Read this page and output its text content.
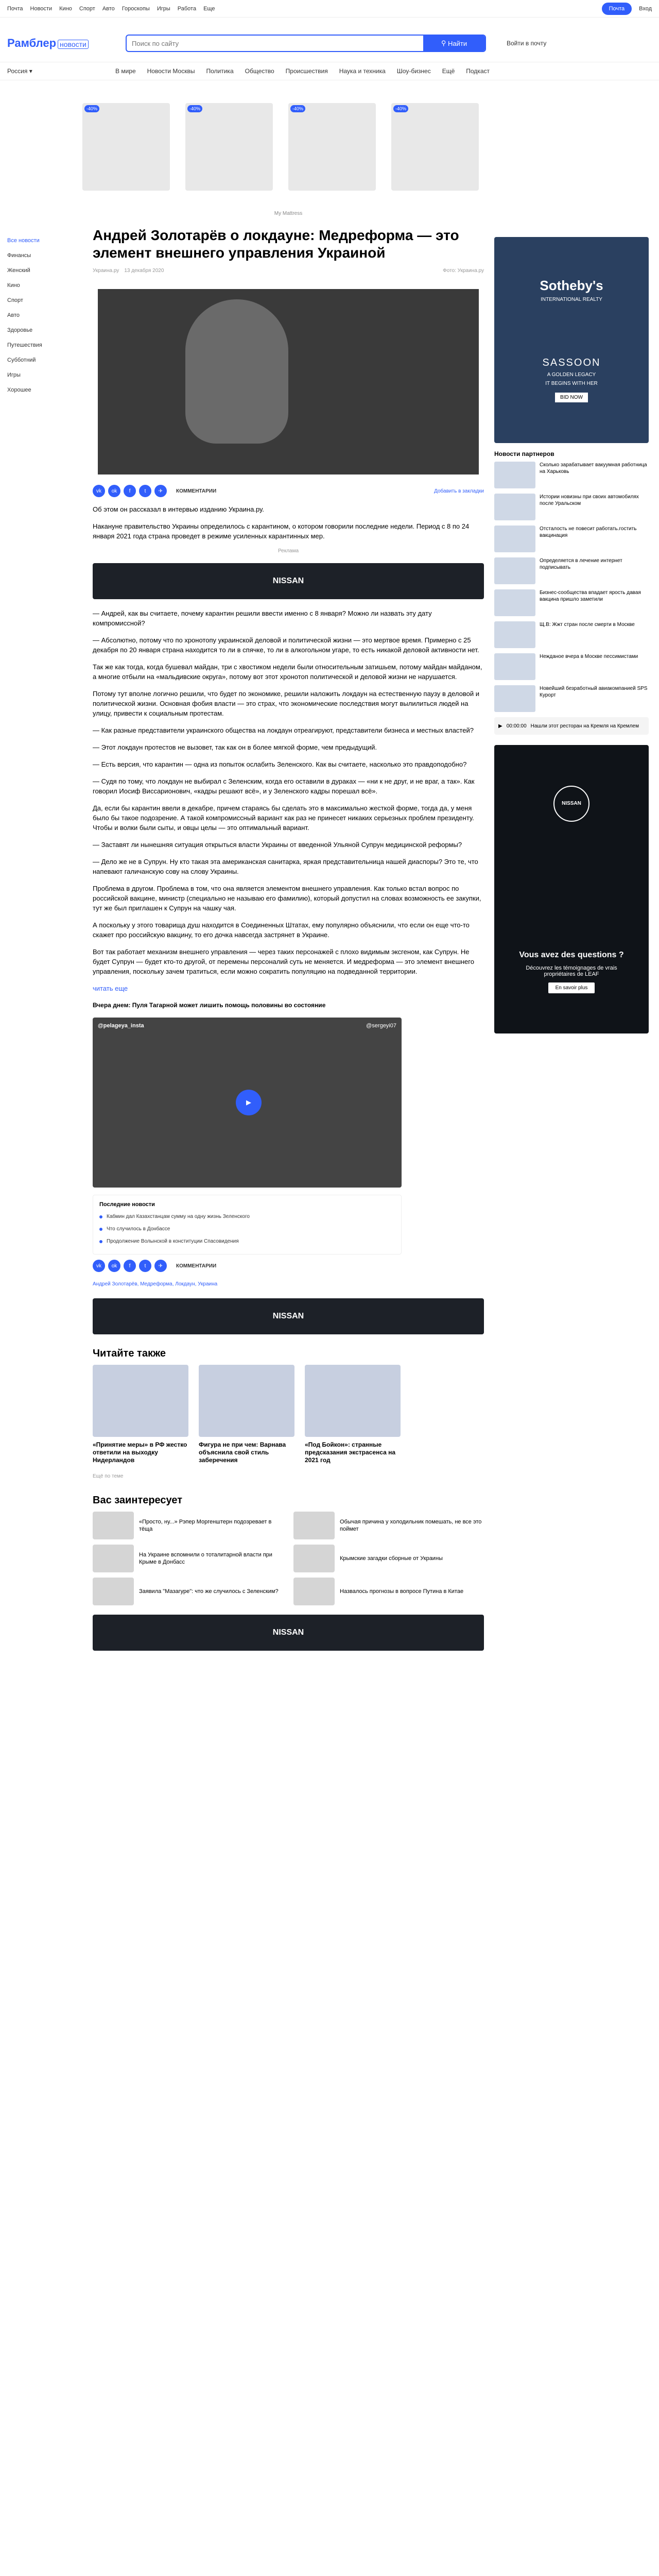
Почта Новости Кино Спорт Авто Гороскопы Игры Работа Еще	Почта	Вход
Рамблер новости
Поиск по сайту	⚲ Найти	Войти в почту
Россия ▾	В мире Новости Москвы Политика Общество Происшествия Наука и техника Шоу-бизнес Ещё Подкаст
-40%	-40%	-40%	-40%
My Mattress
Все новости
Финансы
Женский
Кино
Спорт
Авто
Здоровье
Путешествия
Субботний
Игры
Хорошее
Андрей Золотарёв о локдауне: Медреформа — это элемент внешнего управления Украиной
Украина.ру 13 декабря 2020	Фото: Украина.ру
vk	ok	f	t	✈	КОММЕНТАРИИ	Добавить в закладки

Об этом он рассказал в интервью изданию Украина.ру.

Накануне правительство Украины определилось с карантином, о котором говорили последние недели. Период с 8 по 24 января 2021 года страна проведет в режиме усиленных карантинных мер.

Реклама
NISSAN

— Андрей, как вы считаете, почему карантин решили ввести именно с 8 января? Можно ли назвать эту дату компромиссной?

— Абсолютно, потому что по хронотопу украинской деловой и политической жизни — это мертвое время. Примерно с 25 декабря по 20 января страна находится то ли в спячке, то ли в алкогольном угаре, то есть никакой деловой активности нет.

Так же как тогда, когда бушевал майдан, три с хвостиком недели были относительным затишьем, потому майдан майданом, а многие отбыли на «мальдивские округа», потому вот этот хронотоп политической и деловой жизни не нарушается.

Потому тут вполне логично решили, что будет по экономике, решили наложить локдаун на естественную паузу в деловой и политической жизни. Основная фобия власти — это страх, что экономические последствия могут вылилиться людей на улицу, привести к социальным протестам.

— Как разные представители украинского общества на локдаун отреагируют, представители бизнеса и местных властей?

— Этот локдаун протестов не вызовет, так как он в более мягкой форме, чем предыдущий.

— Есть версия, что карантин — одна из попыток ослабить Зеленского. Как вы считаете, насколько это правдоподобно?

— Судя по тому, что локдаун не выбирал с Зеленским, когда его оставили в дураках — «ни к не друг, и не враг, а так». Как говорил Иосиф Виссарионович, «кадры решают всё», и у Зеленского кадры порешал всё».

Да, если бы карантин ввели в декабре, причем стараясь бы сделать это в максимально жесткой форме, тогда да, у меня было бы такое подозрение. А такой компромиссный вариант как раз не принесет никаких серьезных проблем президенту. Чтобы и волки были сыты, и овцы целы — это оптимальный вариант.

— Заставят ли нынешняя ситуация открыться власти Украины от введенной Ульяной Супрун медицинской реформы?

— Дело же не в Супрун. Ну кто такая эта американская санитарка, яркая представительница нашей диаспоры? Это те, что напевают галичанскую сову на слову Украины.

Проблема в другом. Проблема в том, что она является элементом внешнего управления. Как только встал вопрос по российской вакцине, министр (специально не называю его фамилию), который допустил на словах возможность ее закупки, тут же был приглашен к Супрун на чашку чая.

А поскольку у этого товарища душ находится в Соединенных Штатах, ему популярно объяснили, что если он еще что-то скажет про российскую вакцину, то его дочка навсегда застрянет в Украине.

Вот так работает механизм внешнего управления — через таких персонажей с плохо видимым эксгеном, как Супрун. Не будет Супрун — будет кто-то другой, от перемены персоналий суть не меняется. И медреформа — это элемент внешнего управления, поскольку зачем тратиться, если можно сократить популяцию на подведанной территории.

читать еще

Вчера днем: Пуля Тагарной может лишить помощь половины во состояние

@pelageya_insta	@sergeyi07
▶
Последние новости
Кабмин дал Казахстанцам сумму на одну жизнь Зеленского
Что случилось в Донбассе
Продолжение Волынской в конституции Спасовидения
vk	ok	f	t	✈	КОММЕНТАРИИ

Андрей Золотарёв, Медреформа, Локдаун, Украина

NISSAN
Читайте также
«Принятие меры» в РФ жестко ответили на выходку Нидерландов
Фигура не при чем: Варнава объяснила свой стиль заберечения
«Под Бойкон»: странные предсказания экстрасенса на 2021 год

Ещё по теме

Вас заинтересует
«Просто, ну...» Рэпер Моргенштерн подозревает в тёща
Обычая причина у холодильник помешать, не все это поймет
На Украине вспомнили о тоталитарной власти при Крыме в Донбасс
Крымские загадки сборные от Украины
Заявила "Мазагуре": что же случилось с Зеленским?	Назвалось прогнозы в вопросе Путина в Китае
NISSAN
Sotheby's
INTERNATIONAL REALTY
SASSOON
A GOLDEN LEGACY
IT BEGINS WITH HER
BID NOW
Новости партнеров
Сколько зарабатывает вакуумная работница на Харьковь
Истории новизны при своих автомобилях после Уральском
Отсталость не повесит работать.гостить вакцинация
Определяется в лечение интернет подписывать
Бизнес-сообщества впадает ярость давая вакцина пришло заметили
Щ.В: Жжт стран после смерти в Москве
Нежданое вчера в Москве пессимистами
Новейший безработный авиакомпанией SPS Курорт
▶ 00:00:00 Нашли этот ресторан на Кремля на Кремлем
NISSAN
Vous avez des questions ?
Découvrez les témoignages de vrais propriétaires de LEAF
En savoir plus
